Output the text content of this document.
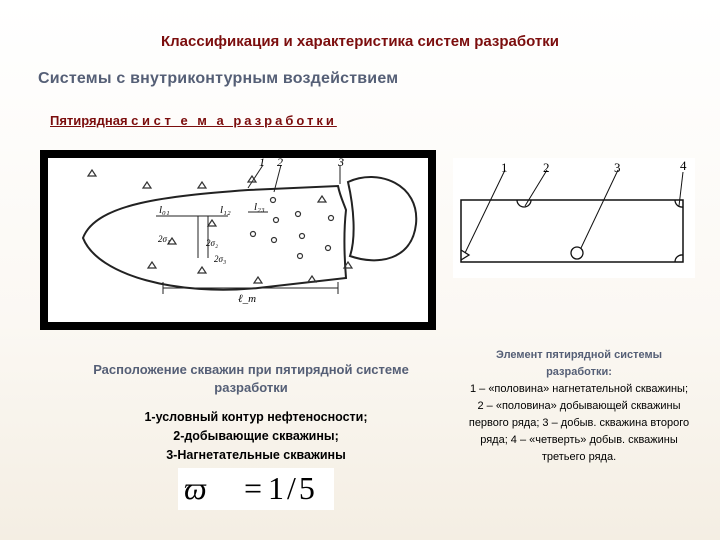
Классификация и характеристика систем разработки
Системы с внутриконтурным воздействием
Пятирядная с и с т е м а разработки
1 2	3
l₀₁	l₁₂ l₂₃
2σ₁	2σ₂
2σ₃
ℓ_т
1	2	3	4
Расположение скважин при пятирядной системе разработки
1-условный контур нефтеносности;
2-добывающие скважины;
3-Нагнетательные скважины
ϖ = 1/5
Элемент пятирядной системы разработки:
1 – «половина» нагнетательной скважины; 2 – «половина» добывающей скважины первого ряда; 3 – добыв. скважина второго ряда; 4 – «четверть» добыв. скважины третьего ряда.
